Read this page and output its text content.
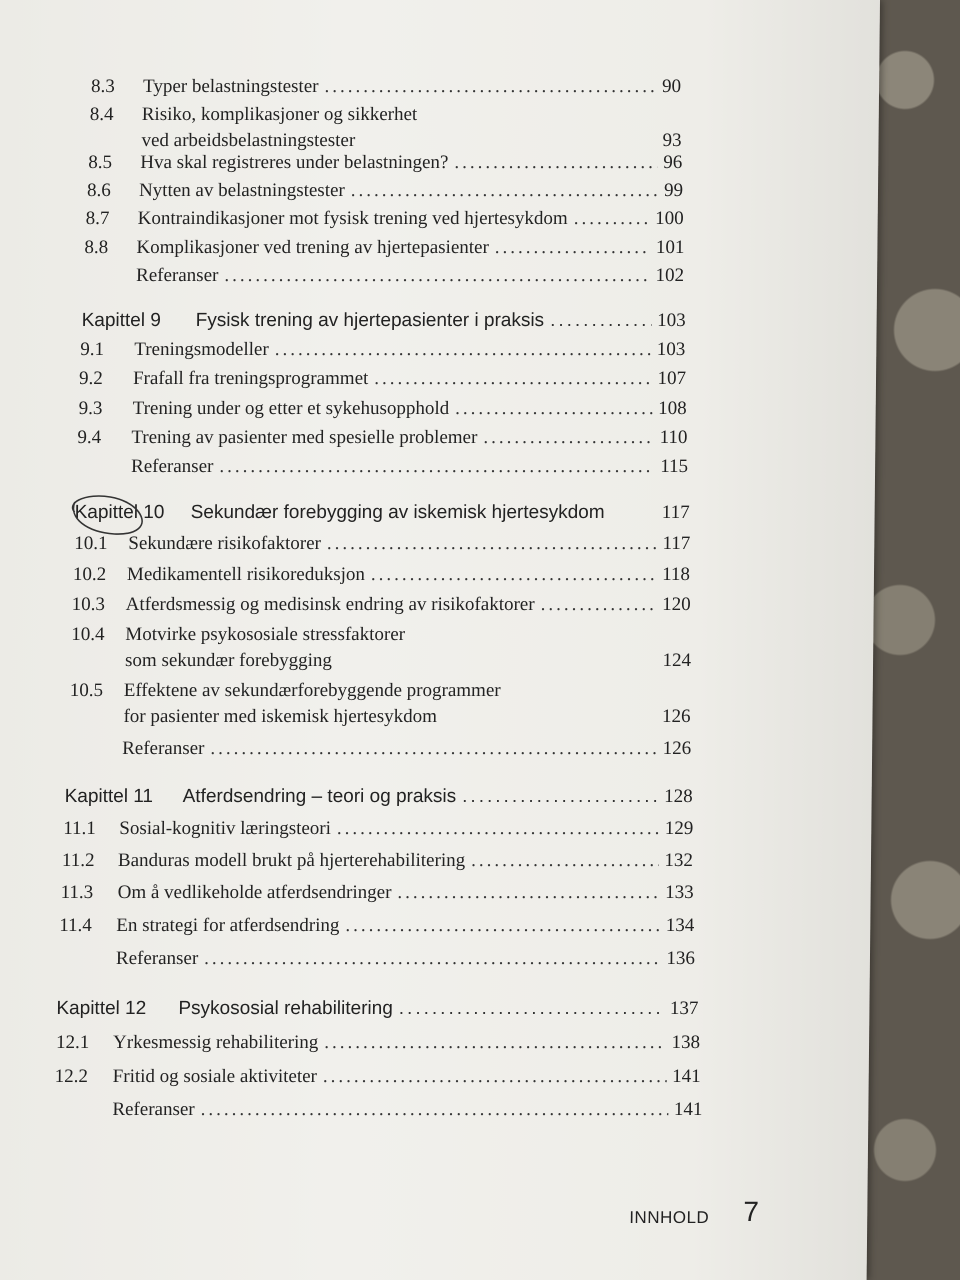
8.3	Typer belastningstester .....	90
8.4	Risiko, komplikasjoner og sikkerhet
ved arbeidsbelastningstester	93
8.5	Hva skal registreres under belastningen? .....	96
8.6	Nytten av belastningstester .....	99
8.7	Kontraindikasjoner mot fysisk trening ved hjertesykdom .....	100
8.8	Komplikasjoner ved trening av hjertepasienter .....	101
Referanser .....	102
Kapittel 9 Fysisk trening av hjertepasienter i praksis .....	103
9.1	Treningsmodeller .....	103
9.2	Frafall fra treningsprogrammet .....	107
9.3	Trening under og etter et sykehusopphold .....	108
9.4	Trening av pasienter med spesielle problemer .....	110
Referanser .....	115
Kapittel 10 Sekundær forebygging av iskemisk hjertesykdom	117
10.1	Sekundære risikofaktorer .....	117
10.2	Medikamentell risikoreduksjon .....	118
10.3	Atferdsmessig og medisinsk endring av risikofaktorer .....	120
10.4	Motvirke psykososiale stressfaktorer
som sekundær forebygging	124
10.5	Effektene av sekundærforebyggende programmer
for pasienter med iskemisk hjertesykdom	126
Referanser .....	126
Kapittel 11 Atferdsendring – teori og praksis .....	128
11.1	Sosial-kognitiv læringsteori .....	129
11.2	Banduras modell brukt på hjerterehabilitering .....	132
11.3	Om å vedlikeholde atferdsendringer .....	133
11.4	En strategi for atferdsendring .....	134
Referanser .....	136
Kapittel 12 Psykososial rehabilitering .....	137
12.1	Yrkesmessig rehabilitering .....	138
12.2	Fritid og sosiale aktiviteter .....	141
Referanser .....	141
INNHOLD 7
